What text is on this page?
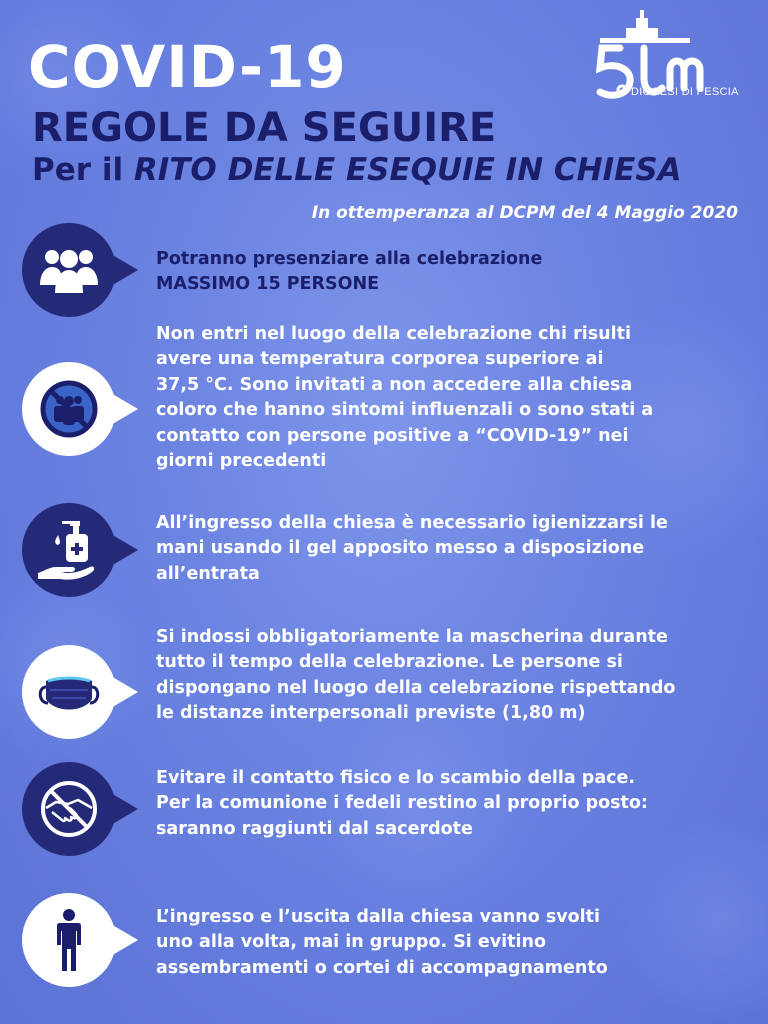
DIOCESI DI PESCIA
COVID-19
REGOLE DA SEGUIRE
Per il RITO DELLE ESEQUIE IN CHIESA

In ottemperanza al DCPM del 4 Maggio 2020

Potranno presenziare alla celebrazione
MASSIMO 15 PERSONE

Non entri nel luogo della celebrazione chi risulti
avere una temperatura corporea superiore ai
37,5 °C. Sono invitati a non accedere alla chiesa
coloro che hanno sintomi influenzali o sono stati a
contatto con persone positive a “COVID-19” nei
giorni precedenti

All’ingresso della chiesa è necessario igienizzarsi le
mani usando il gel apposito messo a disposizione
all’entrata

Si indossi obbligatoriamente la mascherina durante
tutto il tempo della celebrazione. Le persone si
dispongano nel luogo della celebrazione rispettando
le distanze interpersonali previste (1,80 m)

Evitare il contatto fisico e lo scambio della pace.
Per la comunione i fedeli restino al proprio posto:
saranno raggiunti dal sacerdote

L’ingresso e l’uscita dalla chiesa vanno svolti
uno alla volta, mai in gruppo. Si evitino
assembramenti o cortei di accompagnamento
